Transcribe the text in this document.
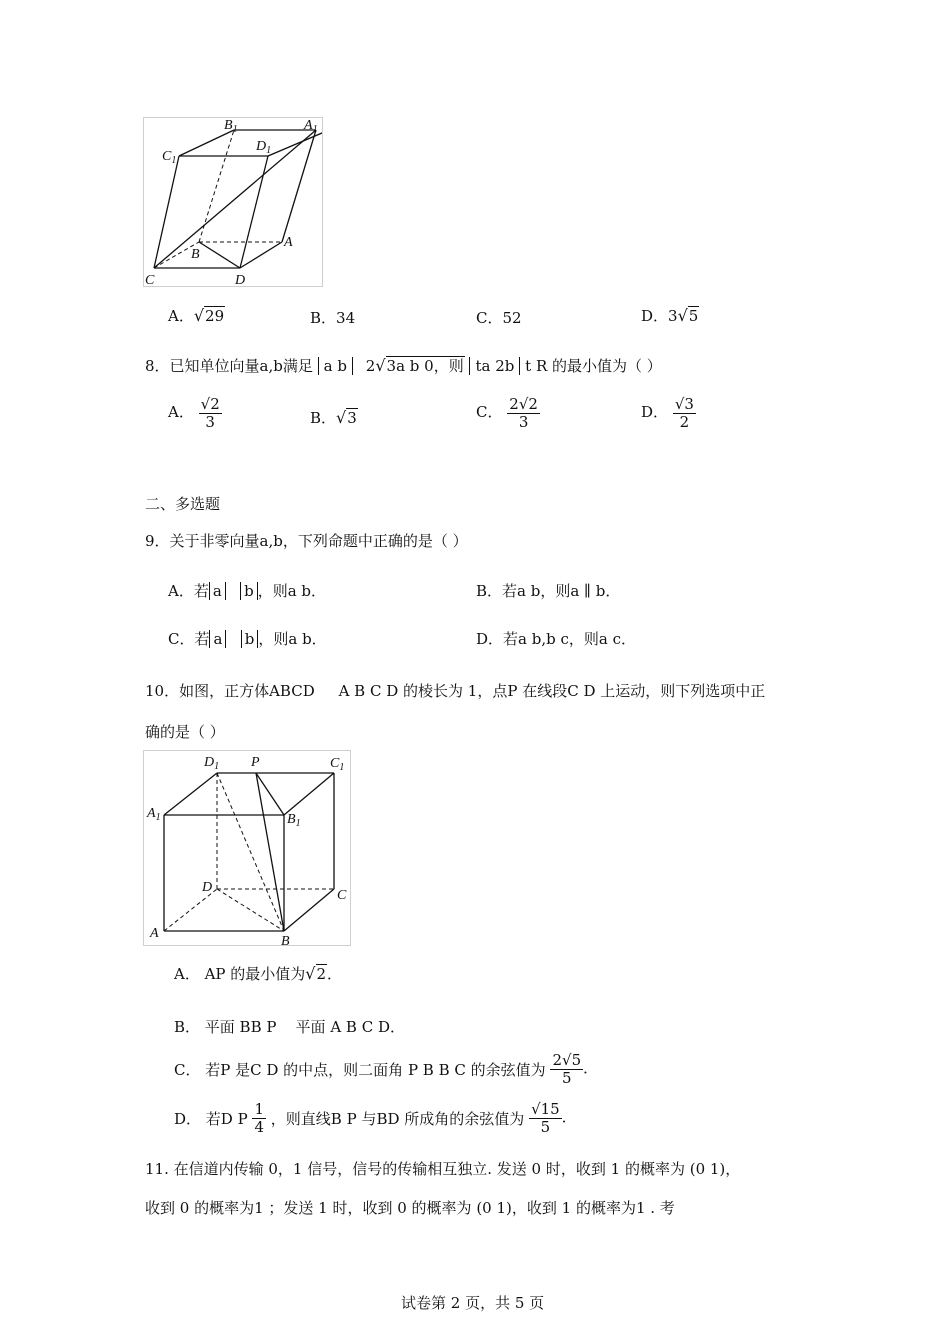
$B_1$	$A_1$
$C_1$
$D_1$
A
B
C	D
A．√29	B．34	C．52	D．3√5
8．已知单位向量a,b满足 a b 2√3a b 0，则 ta 2b t R 的最小值为（ ）
A． $\frac{√2}{3}$	B．√3	C． $\frac{2√2}{3}$	D． $\frac{√3}{2}$
二、多选题
9．关于非零向量a,b，下列命题中正确的是（ ）
A．若 a b ，则a b．	B．若a b，则a ∥ b．
C．若 a b ，则a b．	D．若a b,b c，则a c．
10．如图，正方体ABCD A B C D 的棱长为 1，点P 在线段C D 上运动，则下列选项中正
确的是（ ）
$D_1$ P	$C_1$
$A_1$	$B_1$
D
C
A
B
A． AP 的最小值为√2．
B． 平面 BB P 平面 A B C D．
C． 若P 是C D 的中点，则二面角 P B B C 的余弦值为 $\frac{2√5}{5}$ ．
D． 若D P $\frac{1}{4}$ ，则直线B P 与BD 所成角的余弦值为 $\frac{√15}{5}$ ．
11. 在信道内传输 0，1 信号，信号的传输相互独立. 发送 0 时，收到 1 的概率为 (0 1)，
收到 0 的概率为1 ；发送 1 时，收到 0 的概率为 (0 1)，收到 1 的概率为1 . 考
试卷第 2 页，共 5 页
